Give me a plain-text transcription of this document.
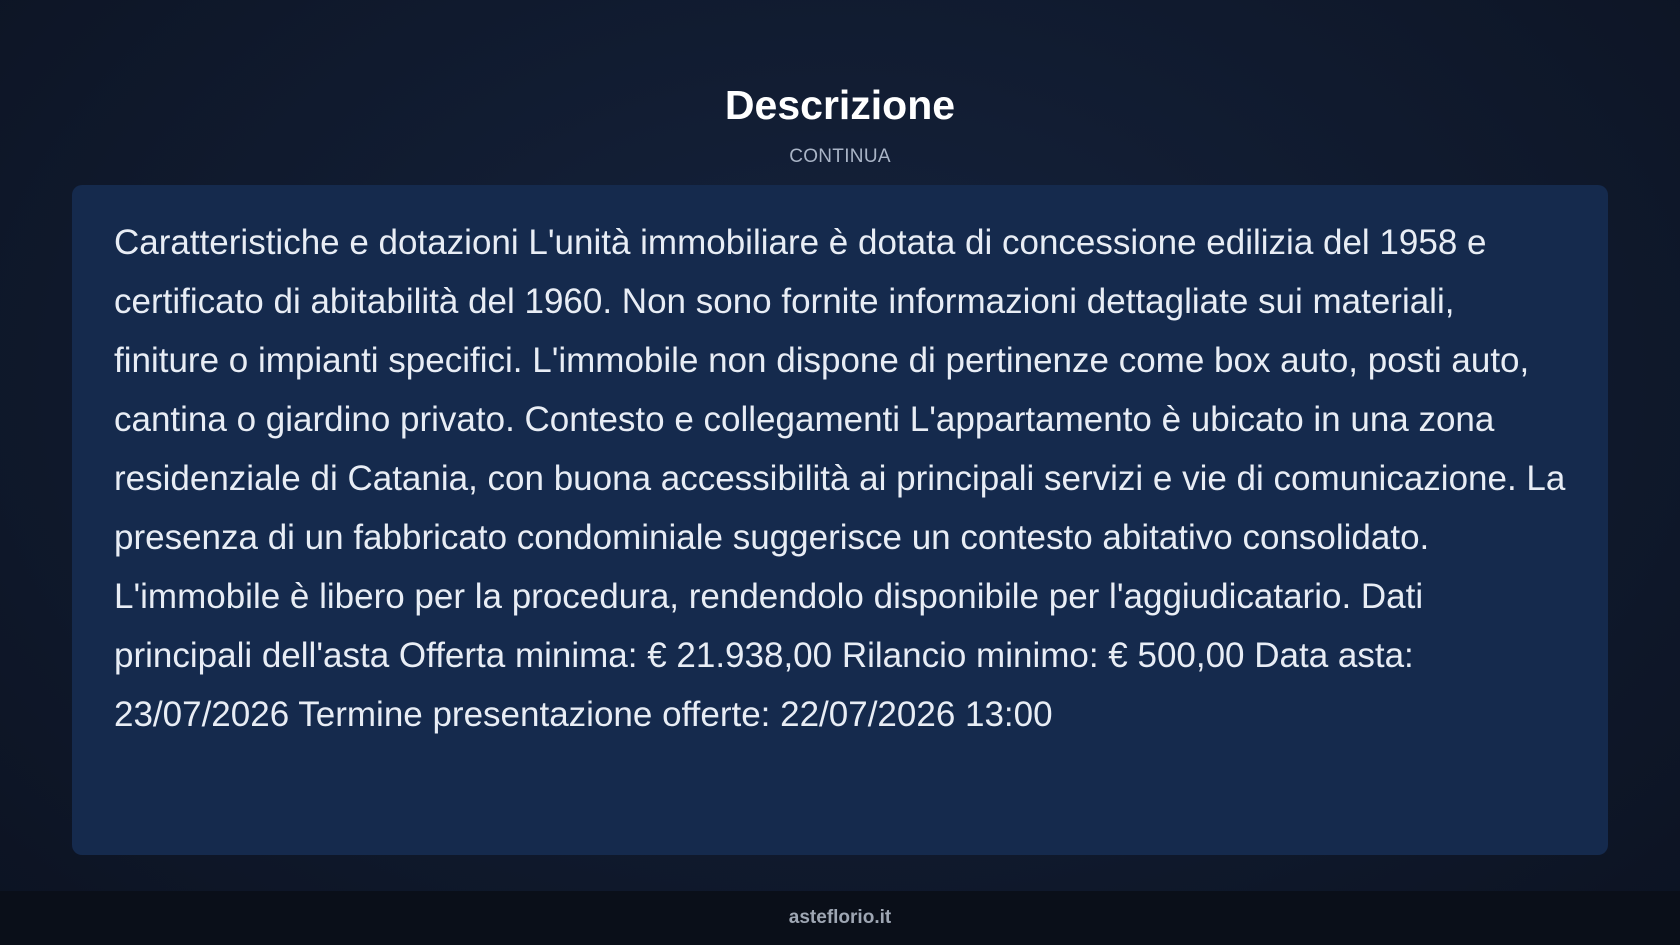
Descrizione
CONTINUA

Caratteristiche e dotazioni L'unità immobiliare è dotata di concessione edilizia del 1958 e certificato di abitabilità del 1960. Non sono fornite informazioni dettagliate sui materiali, finiture o impianti specifici. L'immobile non dispone di pertinenze come box auto, posti auto, cantina o giardino privato. Contesto e collegamenti L'appartamento è ubicato in una zona residenziale di Catania, con buona accessibilità ai principali servizi e vie di comunicazione. La presenza di un fabbricato condominiale suggerisce un contesto abitativo consolidato. L'immobile è libero per la procedura, rendendolo disponibile per l'aggiudicatario. Dati principali dell'asta Offerta minima: € 21.938,00 Rilancio minimo: € 500,00 Data asta: 23/07/2026 Termine presentazione offerte: 22/07/2026 13:00

asteflorio.it
